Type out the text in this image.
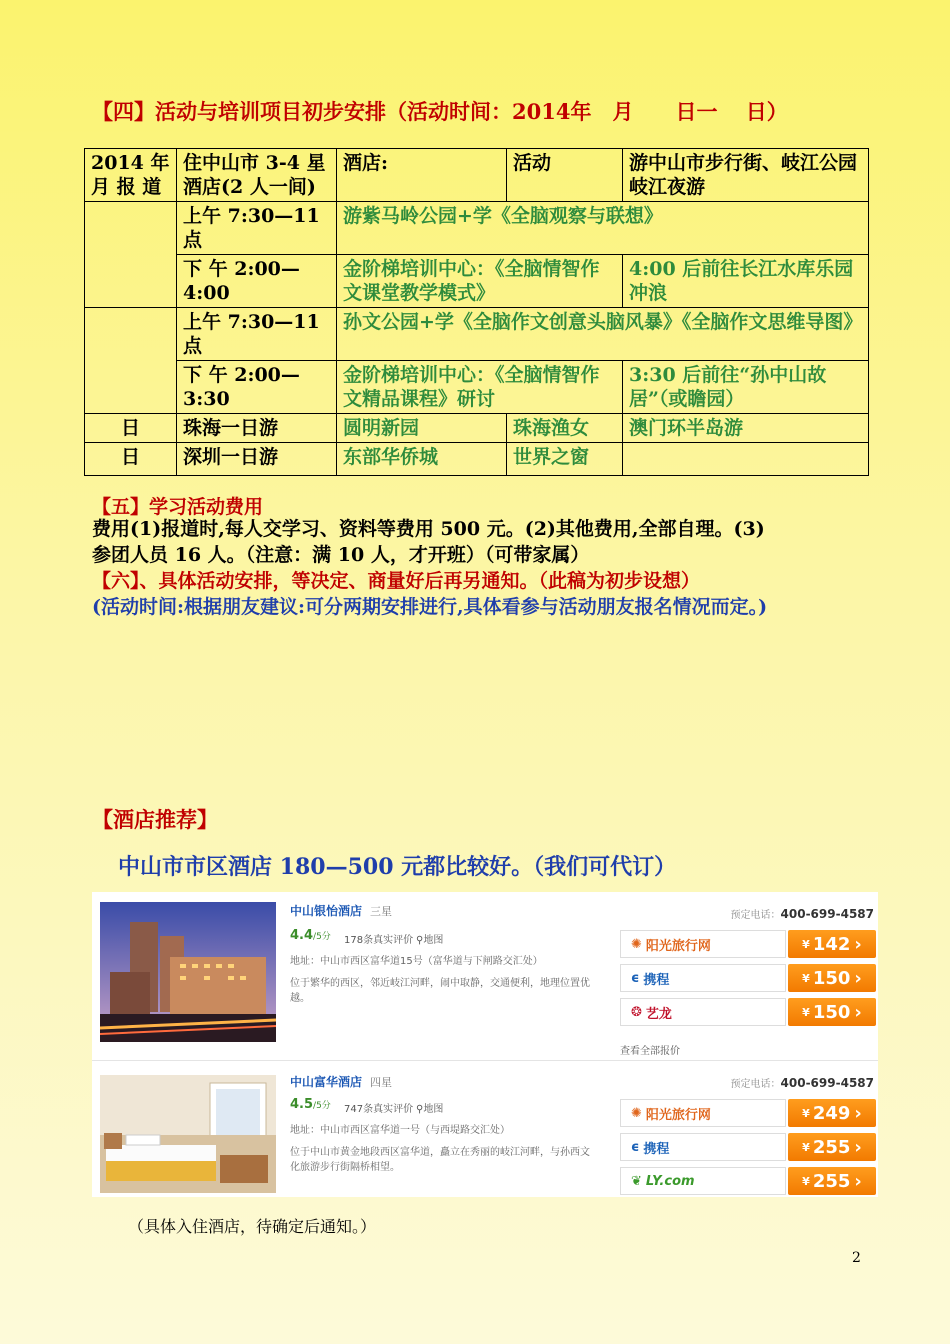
【四】活动与培训项目初步安排（活动时间：2014年　月　　日一　 日）
2014 年 月 报 道	住中山市 3-4 星酒店(2 人一间)	酒店:	活动	游中山市步行街、岐江公园岐江夜游
	上午 7:30—11 点	游紫马岭公园+学《全脑观察与联想》		
	下 午 2:00—4:00	金阶梯培训中心：《全脑情智作文课堂教学模式》		4:00 后前往长江水库乐园冲浪
	上午 7:30—11 点	孙文公园+学《全脑作文创意头脑风暴》《全脑作文思维导图》		
	下 午 2:00—3:30	金阶梯培训中心：《全脑情智作文精品课程》研讨		3:30 后前往“孙中山故居”（或瞻园）
日	珠海一日游	圆明新园	珠海渔女	澳门环半岛游
日	深圳一日游	东部华侨城	世界之窗	
【五】学习活动费用
费用(1)报道时,每人交学习、资料等费用 500 元。(2)其他费用,全部自理。(3)
参团人员 16 人。（注意：满 10 人，才开班）（可带家属）
【六】、具体活动安排，等决定、商量好后再另通知。（此稿为初步设想）
(活动时间:根据朋友建议:可分两期安排进行,具体看参与活动朋友报名情况而定。)
【酒店推荐】
中山市市区酒店 180—500 元都比较好。（我们可代订）
中山银怡酒店 三星
4.4/5分 178条真实评价 ⚲地图
地址：中山市西区富华道15号（富华道与下闸路交汇处）
位于繁华的西区，邻近岐江河畔，闹中取静，交通便利，地理位置优越。
预定电话：400-699-4587
✺ 阳光旅行网	¥ 142 ›
ϵ 携程	¥ 150 ›
❂ 艺龙	¥ 150 ›
查看全部报价
中山富华酒店 四星
4.5/5分 747条真实评价 ⚲地图
地址：中山市西区富华道一号（与西堤路交汇处）
位于中山市黄金地段西区富华道，矗立在秀丽的岐江河畔，与孙西文化旅游步行街隔桥相望。
预定电话：400-699-4587
✺ 阳光旅行网	¥ 249 ›
ϵ 携程	¥ 255 ›
❦ LY.com	¥ 255 ›
（具体入住酒店，待确定后通知。）
2
